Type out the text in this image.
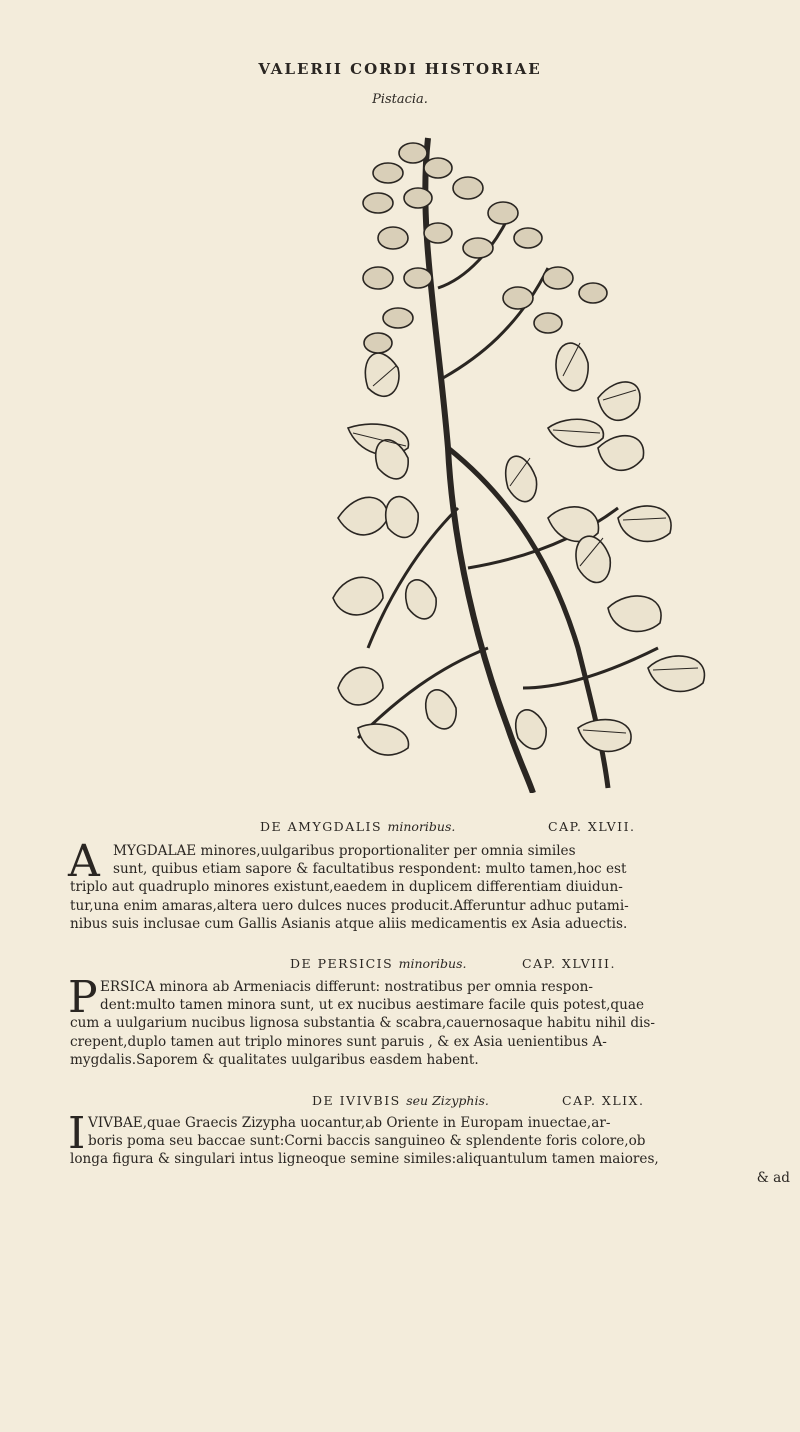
VALERII CORDI HISTORIAE
Pistacia.
DE AMYGDALIS minoribus.	CAP. XLVII.
A MYGDALAE minores,uulgaribus proportionaliter per omnia similes
sunt, quibus etiam sapore & facultatibus respondent: multo tamen,hoc est
triplo aut quadruplo minores existunt,eaedem in duplicem differentiam diuidun-
tur,una enim amaras,altera uero dulces nuces producit.Afferuntur adhuc putami-
nibus suis inclusae cum Gallis Asianis atque aliis medicamentis ex Asia aduectis.
DE PERSICIS minoribus.	CAP. XLVIII.
P ERSICA minora ab Armeniacis differunt: nostratibus per omnia respon-
dent:multo tamen minora sunt, ut ex nucibus aestimare facile quis potest,quae
cum a uulgarium nucibus lignosa substantia & scabra,cauernosaque habitu nihil dis-
crepent,duplo tamen aut triplo minores sunt paruis , & ex Asia uenientibus A-
mygdalis.Saporem & qualitates uulgaribus easdem habent.
DE IVIVBIS seu Zizyphis.	CAP. XLIX.
I VIVBAE,quae Graecis Zizypha uocantur,ab Oriente in Europam inuectae,ar-
boris poma seu baccae sunt:Corni baccis sanguineo & splendente foris colore,ob
longa figura & singulari intus ligneoque semine similes:aliquantulum tamen maiores,
& ad
